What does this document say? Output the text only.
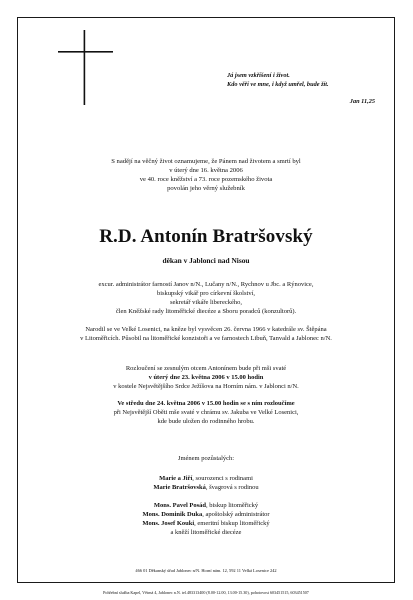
Já jsem vzkříšení i život.
Kdo věří ve mne, i když umřel, bude žít.
Jan 11,25
S nadějí na věčný život oznamujeme, že Pánem nad životem a smrtí byl
v úterý dne 16. května 2006
ve 40. roce kněžství a 73. roce pozemského života
povolán jeho věrný služebník
R.D. Antonín Bratršovský
děkan v Jablonci nad Nisou
excur. administrátor farností Janov n/N., Lučany n/N., Rychnov u Jbc. a Rýnovice,
biskupský vikář pro církevní školství,
sekretář vikáře libereckého,
člen Kněžské rady litoměřické diecéze a Sboru poradců (konzultorů).
Narodil se ve Velké Losenici, na kněze byl vysvěcen 26. června 1966 v katedrále sv. Štěpána
v Litoměřicích. Působil na litoměřické konzistoři a ve farnostech Libuň, Tanvald a Jablonec n/N.
Rozloučení se zesnulým otcem Antonínem bude při mši svaté
v úterý dne 23. května 2006 v 15.00 hodin
v kostele Nejsvětějšího Srdce Ježíšova na Horním nám. v Jablonci n/N.
Ve středu dne 24. května 2006 v 15.00 hodin se s ním rozloučíme
při Nejsvětější Oběti mše svaté v chrámu sv. Jakuba ve Velké Losenici,
kde bude uložen do rodinného hrobu.
Jménem pozůstalých:
Marie a Jiří, sourozenci s rodinami
Marie Bratršovská, švagrová s rodinou
Mons. Pavel Posád, biskup litoměřický
Mons. Dominik Duka, apoštolský administrátor
Mons. Josef Kouki, emeritní biskup litoměřický
a kněží litoměřické diecéze
466 01 Děkanský úřad Jablonec n/N. Horní nám. 12, 592 11 Velká Losenice 242
Pohřební služba Kapel, Větrná 4, Jablonec n.N. tel.483313400 (8.00-12.00, 13.00-15.30), pohotovost 603451515, 603451507
